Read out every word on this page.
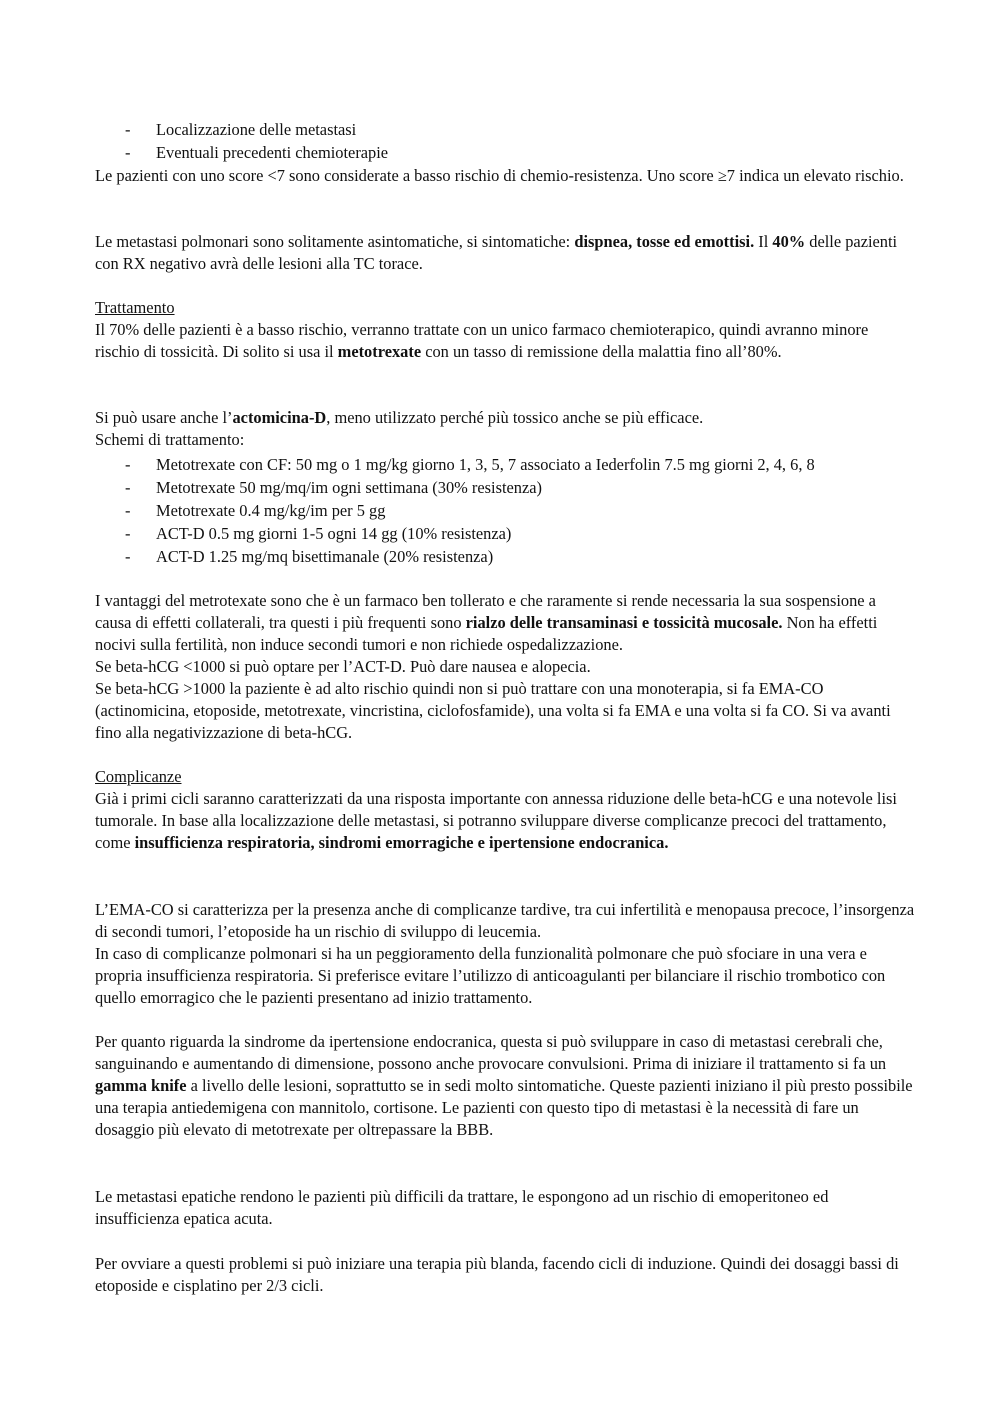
- Localizzazione delle metastasi

- Eventuali precedenti chemioterapie

Le pazienti con uno score <7 sono considerate a basso rischio di chemio-resistenza. Uno score ≥7 indica un elevato rischio.

Le metastasi polmonari sono solitamente asintomatiche, si sintomatiche: dispnea, tosse ed emottisi. Il 40% delle pazienti con RX negativo avrà delle lesioni alla TC torace.

Trattamento

Il 70% delle pazienti è a basso rischio, verranno trattate con un unico farmaco chemioterapico, quindi avranno minore rischio di tossicità. Di solito si usa il metotrexate con un tasso di remissione della malattia fino all’80%.

Si può usare anche l’actomicina-D, meno utilizzato perché più tossico anche se più efficace.

Schemi di trattamento:

- Metotrexate con CF: 50 mg o 1 mg/kg giorno 1, 3, 5, 7 associato a Iederfolin 7.5 mg giorni 2, 4, 6, 8

- Metotrexate 50 mg/mq/im ogni settimana (30% resistenza)

- Metotrexate 0.4 mg/kg/im per 5 gg

- ACT-D 0.5 mg giorni 1-5 ogni 14 gg (10% resistenza)

- ACT-D 1.25 mg/mq bisettimanale (20% resistenza)

I vantaggi del metrotexate sono che è un farmaco ben tollerato e che raramente si rende necessaria la sua sospensione a causa di effetti collaterali, tra questi i più frequenti sono rialzo delle transaminasi e tossicità mucosale. Non ha effetti nocivi sulla fertilità, non induce secondi tumori e non richiede ospedalizzazione.
Se beta-hCG <1000 si può optare per l’ACT-D. Può dare nausea e alopecia.
Se beta-hCG >1000 la paziente è ad alto rischio quindi non si può trattare con una monoterapia, si fa EMA-CO (actinomicina, etoposide, metotrexate, vincristina, ciclofosfamide), una volta si fa EMA e una volta si fa CO. Si va avanti fino alla negativizzazione di beta-hCG.

Complicanze

Già i primi cicli saranno caratterizzati da una risposta importante con annessa riduzione delle beta-hCG e una notevole lisi tumorale. In base alla localizzazione delle metastasi, si potranno sviluppare diverse complicanze precoci del trattamento, come insufficienza respiratoria, sindromi emorragiche e ipertensione endocranica.

L’EMA-CO si caratterizza per la presenza anche di complicanze tardive, tra cui infertilità e menopausa precoce, l’insorgenza di secondi tumori, l’etoposide ha un rischio di sviluppo di leucemia.
In caso di complicanze polmonari si ha un peggioramento della funzionalità polmonare che può sfociare in una vera e propria insufficienza respiratoria. Si preferisce evitare l’utilizzo di anticoagulanti per bilanciare il rischio trombotico con quello emorragico che le pazienti presentano ad inizio trattamento.

Per quanto riguarda la sindrome da ipertensione endocranica, questa si può sviluppare in caso di metastasi cerebrali che, sanguinando e aumentando di dimensione, possono anche provocare convulsioni. Prima di iniziare il trattamento si fa un gamma knife a livello delle lesioni, soprattutto se in sedi molto sintomatiche. Queste pazienti iniziano il più presto possibile una terapia antiedemigena con mannitolo, cortisone. Le pazienti con questo tipo di metastasi è la necessità di fare un dosaggio più elevato di metotrexate per oltrepassare la BBB.

Le metastasi epatiche rendono le pazienti più difficili da trattare, le espongono ad un rischio di emoperitoneo ed insufficienza epatica acuta.

Per ovviare a questi problemi si può iniziare una terapia più blanda, facendo cicli di induzione. Quindi dei dosaggi bassi di etoposide e cisplatino per 2/3 cicli.
